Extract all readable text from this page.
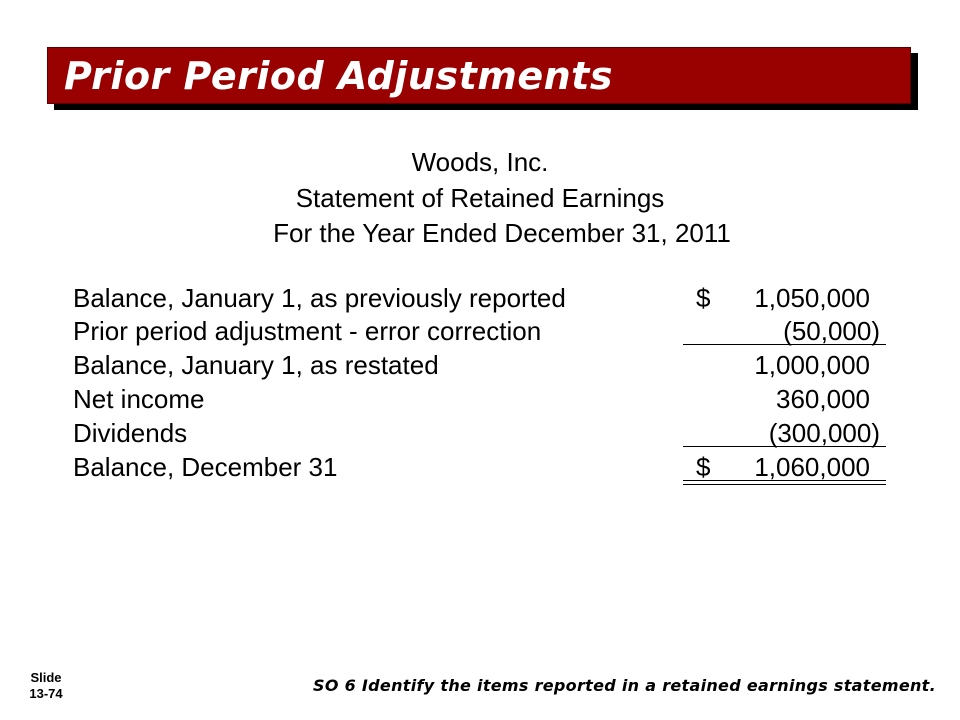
Prior Period Adjustments
Woods, Inc.
Statement of Retained Earnings
For the Year Ended December 31, 2011
Balance, January 1, as previously reported	$ 1,050,000
Prior period adjustment - error correction	(50,000)
Balance, January 1, as restated	1,000,000
Net income	360,000
Dividends	(300,000)
Balance, December 31	$ 1,060,000
Slide
13-74	SO 6 Identify the items reported in a retained earnings statement.
